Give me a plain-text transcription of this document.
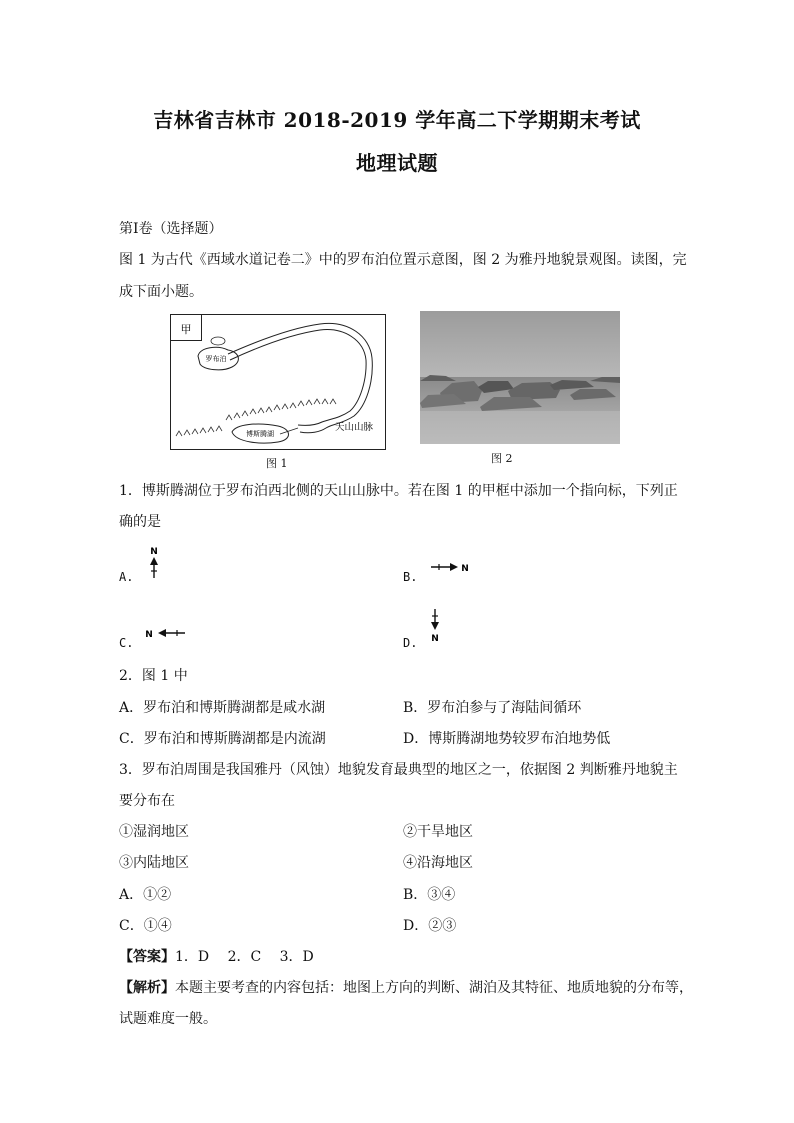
吉林省吉林市 2018-2019 学年高二下学期期末考试
地理试题
第Ⅰ卷（选择题）
图 1 为古代《西域水道记卷二》中的罗布泊位置示意图，图 2 为雅丹地貌景观图。读图，完
成下面小题。
甲
罗布泊
博斯腾湖
天山山脉
图 1	图 2
1．博斯腾湖位于罗布泊西北侧的天山山脉中。若在图 1 的甲框中添加一个指向标，下列正
确的是
A.
N
B.
N
C.
N
D. N
2．图 1 中
A．罗布泊和博斯腾湖都是咸水湖	B．罗布泊参与了海陆间循环
C．罗布泊和博斯腾湖都是内流湖	D．博斯腾湖地势较罗布泊地势低
3．罗布泊周围是我国雅丹（风蚀）地貌发育最典型的地区之一，依据图 2 判断雅丹地貌主
要分布在
①湿润地区	②干旱地区
③内陆地区	④沿海地区
A．①②	B．③④
C．①④	D．②③
【答案】1．D　 2．C　 3．D
【解析】本题主要考查的内容包括：地图上方向的判断、湖泊及其特征、地质地貌的分布等，
试题难度一般。
